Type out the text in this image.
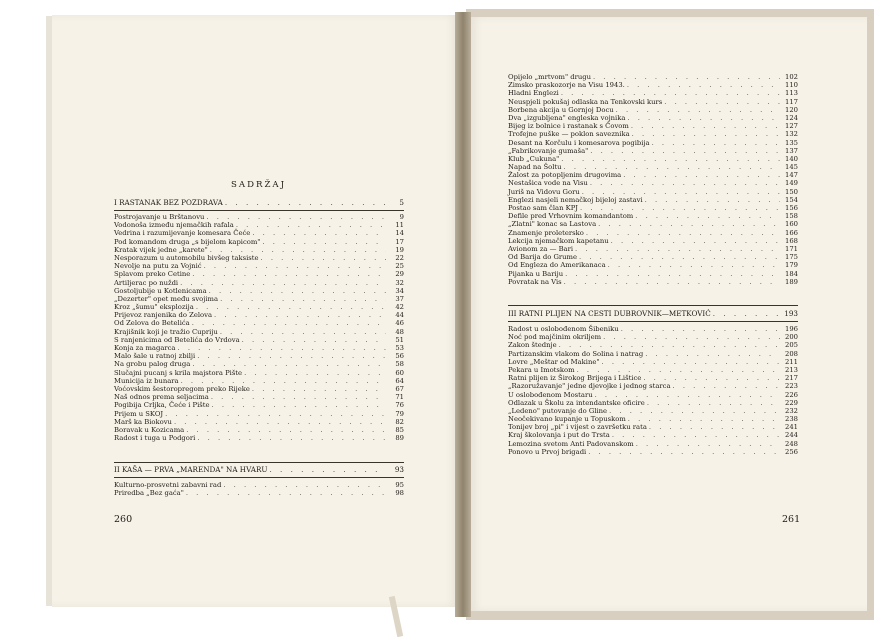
SADRŽAJ
I RASTANAK BEZ POZDRAVA . . .	5
Postrojavanje u Brštanovu . . .	9
Vodonoša između njemačkih rafala . . .	11
Vedrina i razumijevanje komesara Čeće . . .	14
Pod komandom druga „s bijelom kapicom" . . .	17
Kratak vijek jedne „karete" . . .	19
Nesporazum u automobilu bivšeg taksiste . . .	22
Nevolje na putu za Vojnić . . .	25
Splavom preko Cetine . . .	29
Artiljerac po nuždi . . .	32
Gostoljubije u Kotlenicama . . .	34
„Dezerter" opet među svojima . . .	37
Kroz „šumu" eksplozija . . .	42
Prijevoz ranjenika do Zelova . . .	44
Od Zelova do Betelića . . .	46
Krajišnik koji je tražio Cupriju . . .	48
S ranjenicima od Betelića do Vrdova . . .	51
Konja za magarca . . .	53
Malo šale u ratnoj zbilji . . .	56
Na grobu palog druga . . .	58
Slučajni pucanj s krila majstora Pište . . .	60
Municija iz bunara . . .	64
Voćovskim šestoropregom preko Rijeke . . .	67
Naš odnos prema seljacima . . .	71
Pogibija Crljka, Čeće i Pište . . .	76
Prijem u SKOJ . . .	79
Marš ka Biokovu . . .	82
Boravak u Kozicama . . .	85
Radost i tuga u Podgori . . .	89
II KAŠA — PRVA „MARENDA" NA HVARU . . .	93
Kulturno-prosvetni zabavni rad . . .	95
Priredba „Bez gaća" . . .	98
260
Opijelo „mrtvom" drugu . . .	102
Zimsko praskozorje na Visu 1943. . . .	110
Hladni Englezi . . .	113
Neuspjeli pokušaj odlaska na Tenkovski kurs . . .	117
Borbena akcija u Gornjoj Docu . . .	120
Dva „izgubljena" engleska vojnika . . .	124
Bijeg iz bolnice i rastanak s Čovom . . .	127
Trofejne puške — poklon saveznika . . .	132
Desant na Korčulu i komesarova pogibija . . .	135
„Fabrikovanje gumaša" . . .	137
Klub „Cukuna" . . .	140
Napad na Šoltu . . .	145
Žalost za potopljenim drugovima . . .	147
Nestašica vode na Visu . . .	149
Juriš na Vidovu Goru . . .	150
Englezi nasjeli nemačkoj bijeloj zastavi . . .	154
Postao sam član KPJ . . .	156
Defile pred Vrhovnim komandantom . . .	158
„Zlatni" konac sa Lastova . . .	160
Znamenje proletersko . . .	166
Lekcija njemačkom kapetanu . . .	168
Avionom za — Bari . . .	171
Od Barija do Grume . . .	175
Od Engleza do Amerikanaca . . .	179
Pijanka u Bariju . . .	184
Povratak na Vis . . .	189
III RATNI PLIJEN NA CESTI DUBROVNIK—METKOVIĆ . . .	193
Radost u oslobođenom Šibeniku . . .	196
Noć pod majčinim okriljem . . .	200
Zakon štednje . . .	205
Partizanskim vlakom do Solina i natrag . . .	208
Lovre „Meštar od Makine" . . .	211
Pekara u Imotskom . . .	213
Ratni plijen iz Širokog Brijega i Lištice . . .	217
„Razoružavanje" jedne djevojke i jednog starca . . .	223
U oslobođenom Mostaru . . .	226
Odlazak u Školu za intendantske oficire . . .	229
„Ledeno" putovanje do Gline . . .	232
Neočekivano kupanje u Topuskom . . .	238
Tonijev broj „pi" i vijest o završetku rata . . .	241
Kraj školovanja i put do Trsta . . .	244
Lemozina svetom Anti Padovanskom . . .	248
Ponovo u Prvoj brigadi . . .	256
261
